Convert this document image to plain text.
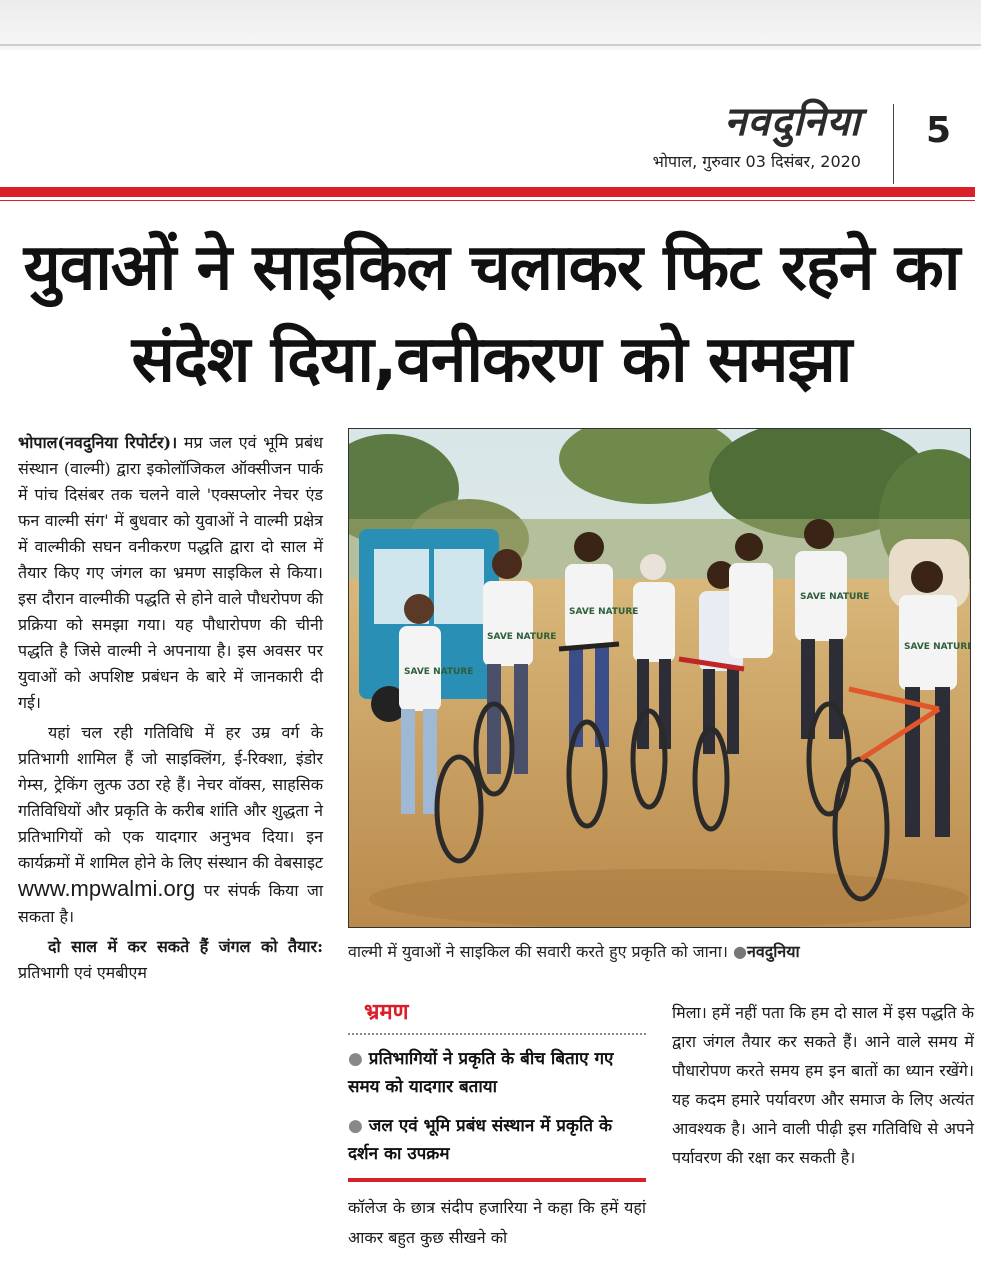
नवदुनिया
भोपाल, गुरुवार 03 दिसंबर, 2020
5
युवाओं ने साइकिल चलाकर फिट रहने का संदेश दिया,वनीकरण को समझा

भोपाल(नवदुनिया रिपोर्टर)। मप्र जल एवं भूमि प्रबंध संस्थान (वाल्मी) द्वारा इकोलॉजिकल ऑक्सीजन पार्क में पांच दिसंबर तक चलने वाले 'एक्सप्लोर नेचर एंड फन वाल्मी संग' में बुधवार को युवाओं ने वाल्मी प्रक्षेत्र में वाल्मीकी सघन वनीकरण पद्धति द्वारा दो साल में तैयार किए गए जंगल का भ्रमण साइकिल से किया। इस दौरान वाल्मीकी पद्धति से होने वाले पौधरोपण की प्रक्रिया को समझा गया। यह पौधारोपण की चीनी पद्धति है जिसे वाल्मी ने अपनाया है। इस अवसर पर युवाओं को अपशिष्ट प्रबंधन के बारे में जानकारी दी गई।

यहां चल रही गतिविधि में हर उम्र वर्ग के प्रतिभागी शामिल हैं जो साइक्लिंग, ई-रिक्शा, इंडोर गेम्स, ट्रेकिंग लुत्फ उठा रहे हैं। नेचर वॉक्स, साहसिक गतिविधियों और प्रकृति के करीब शांति और शुद्धता ने प्रतिभागियों को एक यादगार अनुभव दिया। इन कार्यक्रमों में शामिल होने के लिए संस्थान की वेबसाइट www.mpwalmi.org पर संपर्क किया जा सकता है।

दो साल में कर सकते हैं जंगल को तैयार: प्रतिभागी एवं एमबीएम

SAVE NATURE
SAVE NATURE
SAVE NATURE
SAVE NATURE
SAVE NATURE
वाल्मी में युवाओं ने साइकिल की सवारी करते हुए प्रकृति को जाना। ●नवदुनिया
भ्रमण
● प्रतिभागियों ने प्रकृति के बीच बिताए गए समय को यादगार बताया
● जल एवं भूमि प्रबंध संस्थान में प्रकृति के दर्शन का उपक्रम
कॉलेज के छात्र संदीप हजारिया ने कहा कि हमें यहां आकर बहुत कुछ सीखने को
मिला। हमें नहीं पता कि हम दो साल में इस पद्धति के द्वारा जंगल तैयार कर सकते हैं। आने वाले समय में पौधारोपण करते समय हम इन बातों का ध्यान रखेंगे। यह कदम हमारे पर्यावरण और समाज के लिए अत्यंत आवश्यक है। आने वाली पीढ़ी इस गतिविधि से अपने पर्यावरण की रक्षा कर सकती है।
